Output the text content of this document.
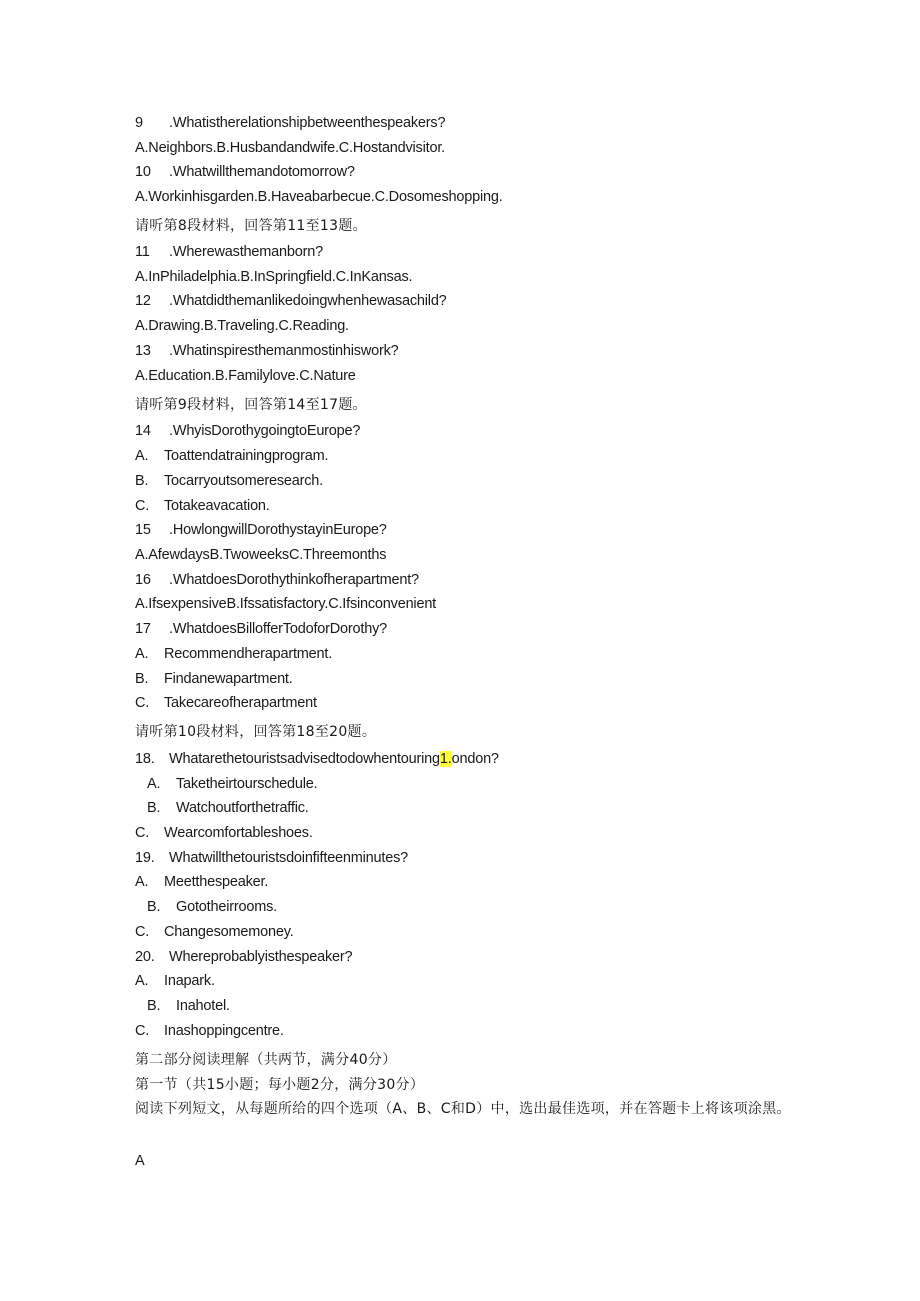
9 .Whatistherelationshipbetweenthespeakers?
A.Neighbors.B.Husbandandwife.C.Hostandvisitor.
10 .Whatwillthemandotomorrow?
A.Workinhisgarden.B.Haveabarbecue.C.Dosomeshopping.
请听第8段材料，回答第11至13题。
11 .Wherewasthemanborn?
A.InPhiladelphia.B.InSpringfield.C.InKansas.
12 .Whatdidthemanlikedoingwhenhewasachild?
A.Drawing.B.Traveling.C.Reading.
13 .Whatinspiresthemanmostinhiswork?
A.Education.B.Familylove.C.Nature
请听第9段材料，回答第14至17题。
14 .WhyisDorothygoingtoEurope?
A. Toattendatrainingprogram.
B. Tocarryoutsomeresearch.
C. Totakeavacation.
15 .HowlongwillDorothystayinEurope?
A.AfewdaysB.TwoweeksC.Threemonths
16 .WhatdoesDorothythinkofherapartment?
A.IfsexpensiveB.Ifssatisfactory.C.Ifsinconvenient
17 .WhatdoesBillofferTodoforDorothy?
A. Recommendherapartment.
B. Findanewapartment.
C. Takecareofherapartment
请听第10段材料，回答第18至20题。
18. Whatarethetouristsadvisedtodowhentouring1.ondon?
A. Taketheirtourschedule.
B. Watchoutforthetraffic.
C. Wearcomfortableshoes.
19. Whatwillthetouristsdoinfifteenminutes?
A. Meetthespeaker.
B. Gotothеirrooms.
C. Changesomemoney.
20. Whereprobablyisthespeaker?
A. Inapark.
B. Inahotel.
C. Inashoppingcentre.
第二部分阅读理解（共两节，满分40分）
第一节（共15小题；每小题2分，满分30分）
阅读下列短文，从每题所给的四个选项（A、B、C和D）中，选出最佳选项，并在答题卡上将该项涂黑。
A
